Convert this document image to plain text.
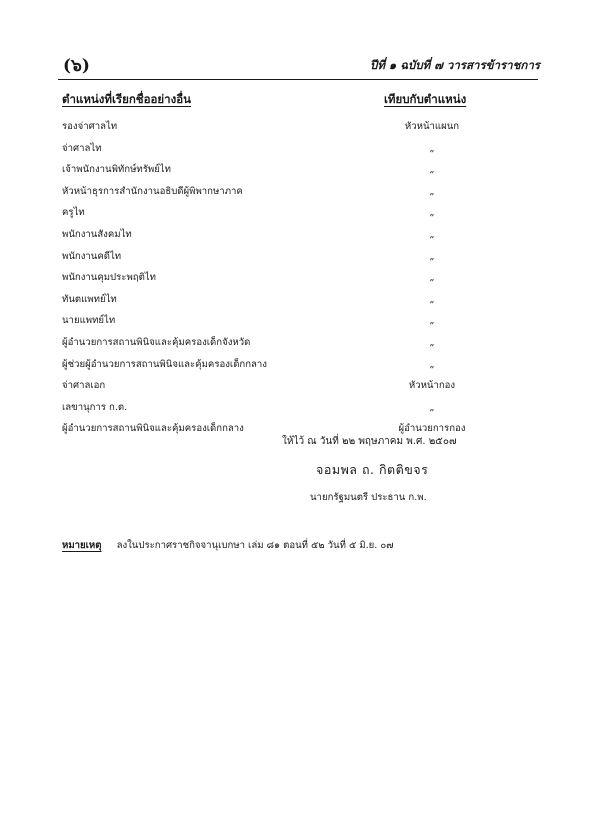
(๖)	ปีที่ ๑ ฉบับที่ ๗ วารสารข้าราชการ
ตำแหน่งที่เรียกชื่ออย่างอื่น	เทียบกับตำแหน่ง
รองจ่าศาลไท	หัวหน้าแผนก
จ่าศาลไท	„
เจ้าพนักงานพิทักษ์ทรัพย์ไท	„
หัวหน้าธุรการสำนักงานอธิบดีผู้พิพากษาภาค	„
ครูไท	„
พนักงานสังคมไท	„
พนักงานคดีไท	„
พนักงานคุมประพฤติไท	„
ทันตแพทย์ไท	„
นายแพทย์ไท	„
ผู้อำนวยการสถานพินิจและคุ้มครองเด็กจังหวัด	„
ผู้ช่วยผู้อำนวยการสถานพินิจและคุ้มครองเด็กกลาง	„
จ่าศาลเอก	หัวหน้ากอง
เลขานุการ ก.ต.	„
ผู้อำนวยการสถานพินิจและคุ้มครองเด็กกลาง	ผู้อำนวยการกอง
ให้ไว้ ณ วันที่ ๒๒ พฤษภาคม พ.ศ. ๒๕๐๗
จอมพล ถ. กิตติขจร
นายกรัฐมนตรี ประธาน ก.พ.
หมายเหตุ ลงในประกาศราชกิจจานุเบกษา เล่ม ๘๑ ตอนที่ ๕๒ วันที่ ๕ มิ.ย. ๐๗
